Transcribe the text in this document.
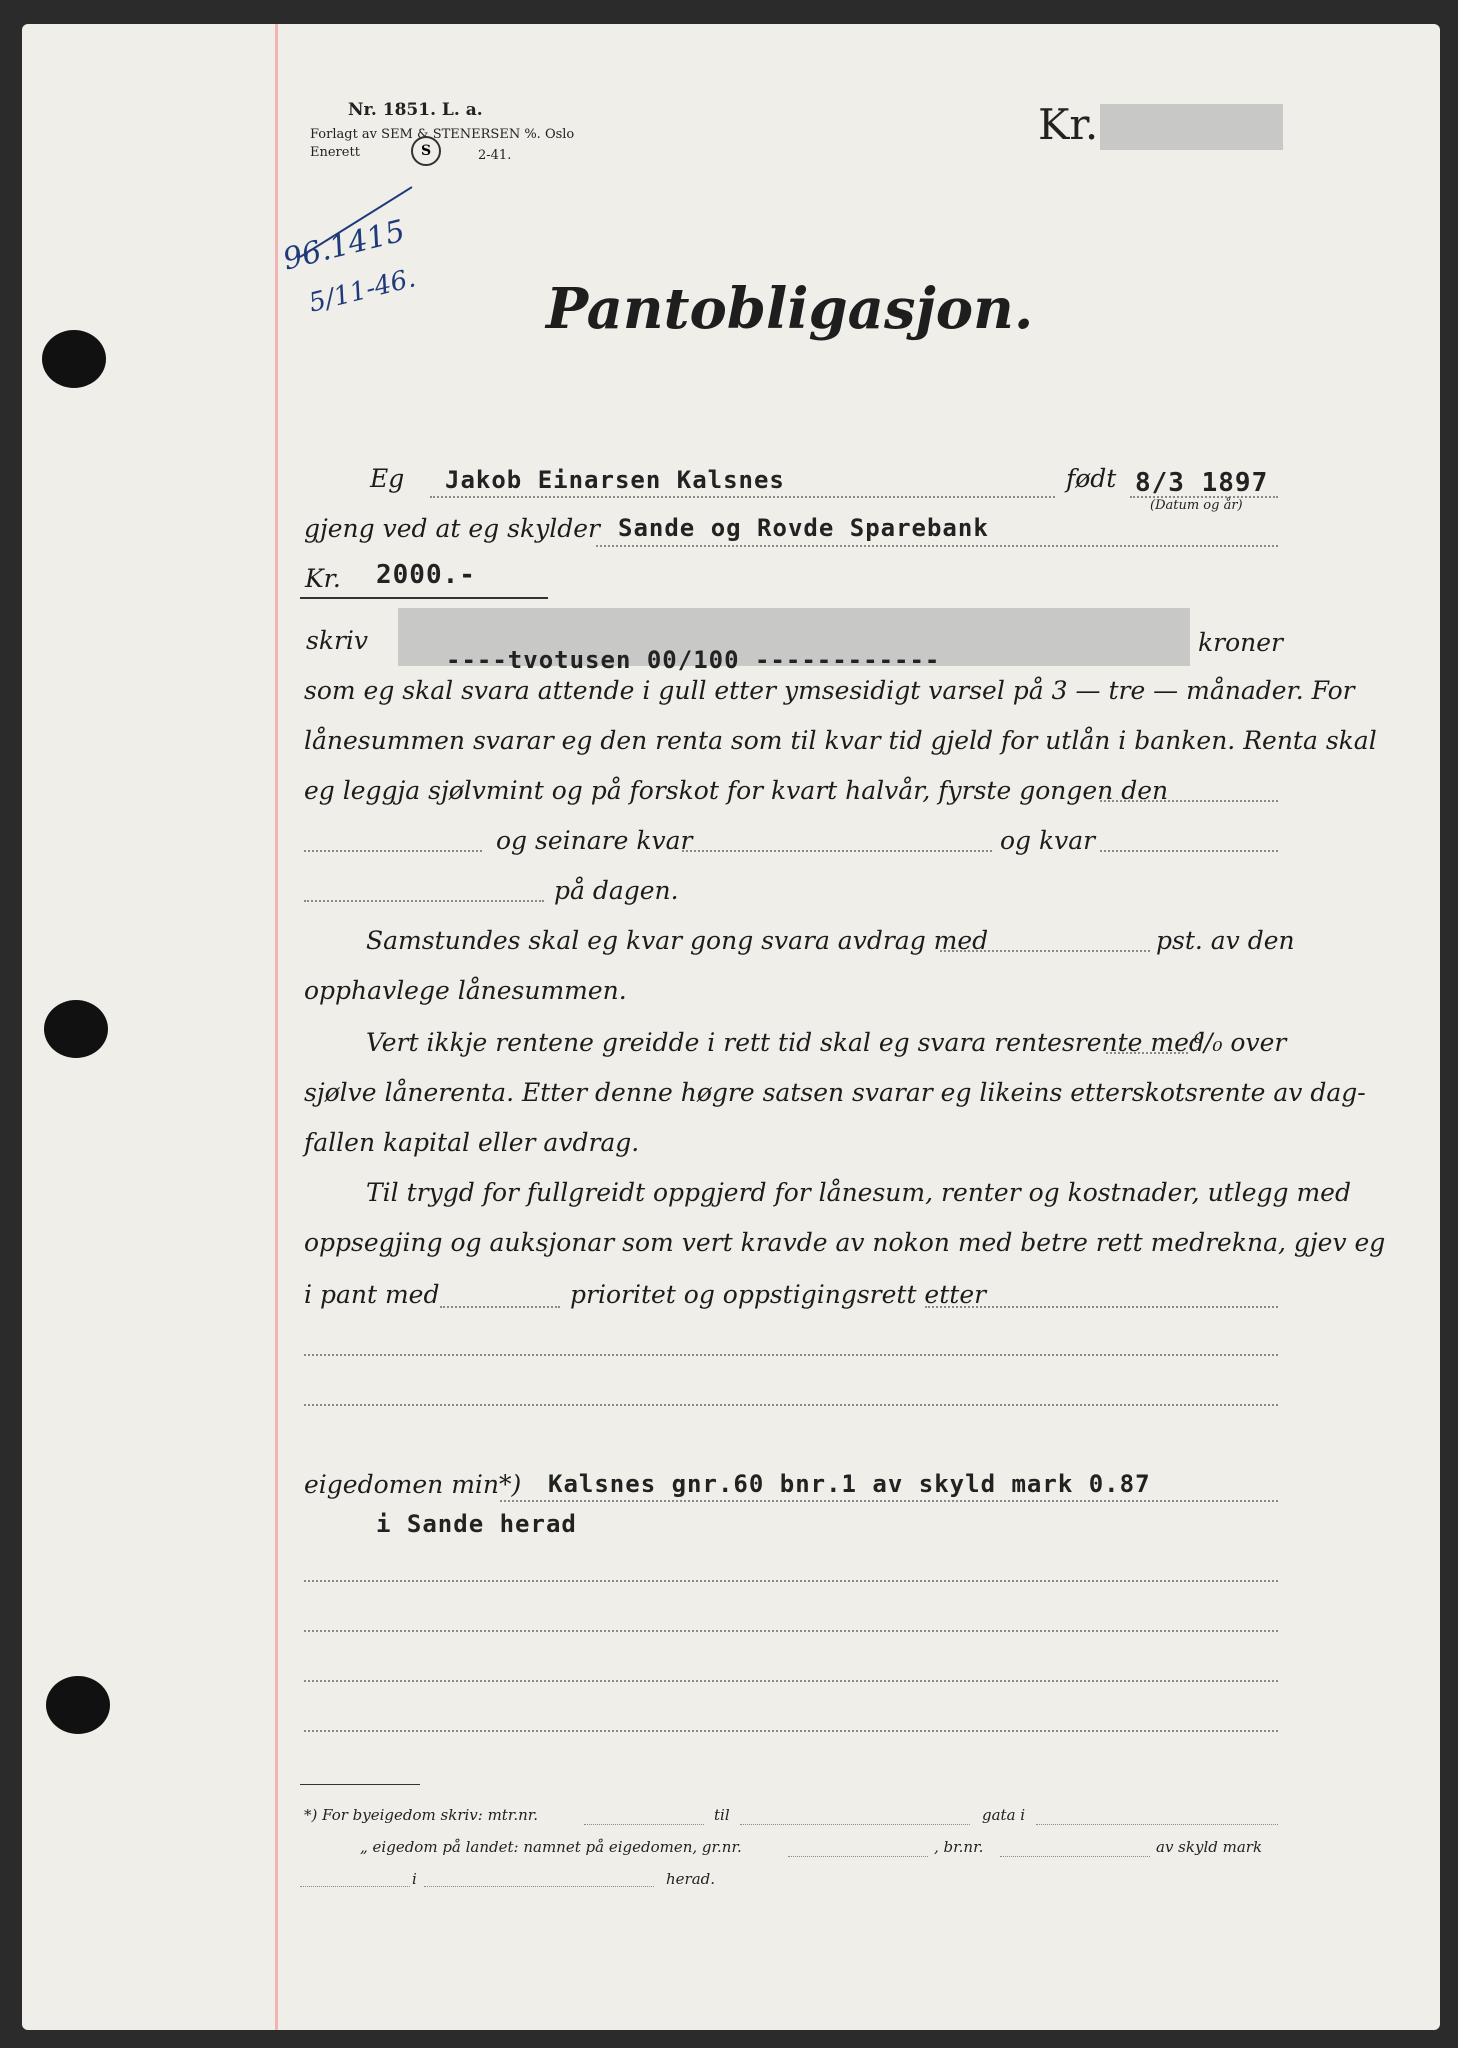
Nr. 1851. L. a.
Forlagt av SEM & STENERSEN %. Oslo
Enerett	S	2-41.
Kr.
96.1415
5/11-46. Pantobligasjon.
Eg Jakob Einarsen Kalsnes	født 8/3 1897
(Datum og år)
gjeng ved at eg skylder Sande og Rovde Sparebank
Kr. 2000.-
skriv
----tvotusen 00/100 ------------
kroner
som eg skal svara attende i gull etter ymsesidigt varsel på 3 — tre — månader. For
lånesummen svarar eg den renta som til kvar tid gjeld for utlån i banken. Renta skal
eg leggja sjølvmint og på forskot for kvart halvår, fyrste gongen den
og seinare kvar	og kvar
på dagen.
Samstundes skal eg kvar gong svara avdrag med	pst. av den
opphavlege lånesummen.
Vert ikkje rentene greidde i rett tid skal eg svara rentesrente med
⁰/₀ over
sjølve lånerenta. Etter denne høgre satsen svarar eg likeins etterskotsrente av dag-
fallen kapital eller avdrag.
Til trygd for fullgreidt oppgjerd for lånesum, renter og kostnader, utlegg med
oppsegjing og auksjonar som vert kravde av nokon med betre rett medrekna, gjev eg
i pant med	prioritet og oppstigingsrett etter
eigedomen min*) Kalsnes gnr.60 bnr.1 av skyld mark 0.87
i Sande herad
*) For byeigedom skriv: mtr.nr.	til	gata i
„ eigedom på landet: namnet på eigedomen, gr.nr.	, br.nr.	av skyld mark
i	herad.
